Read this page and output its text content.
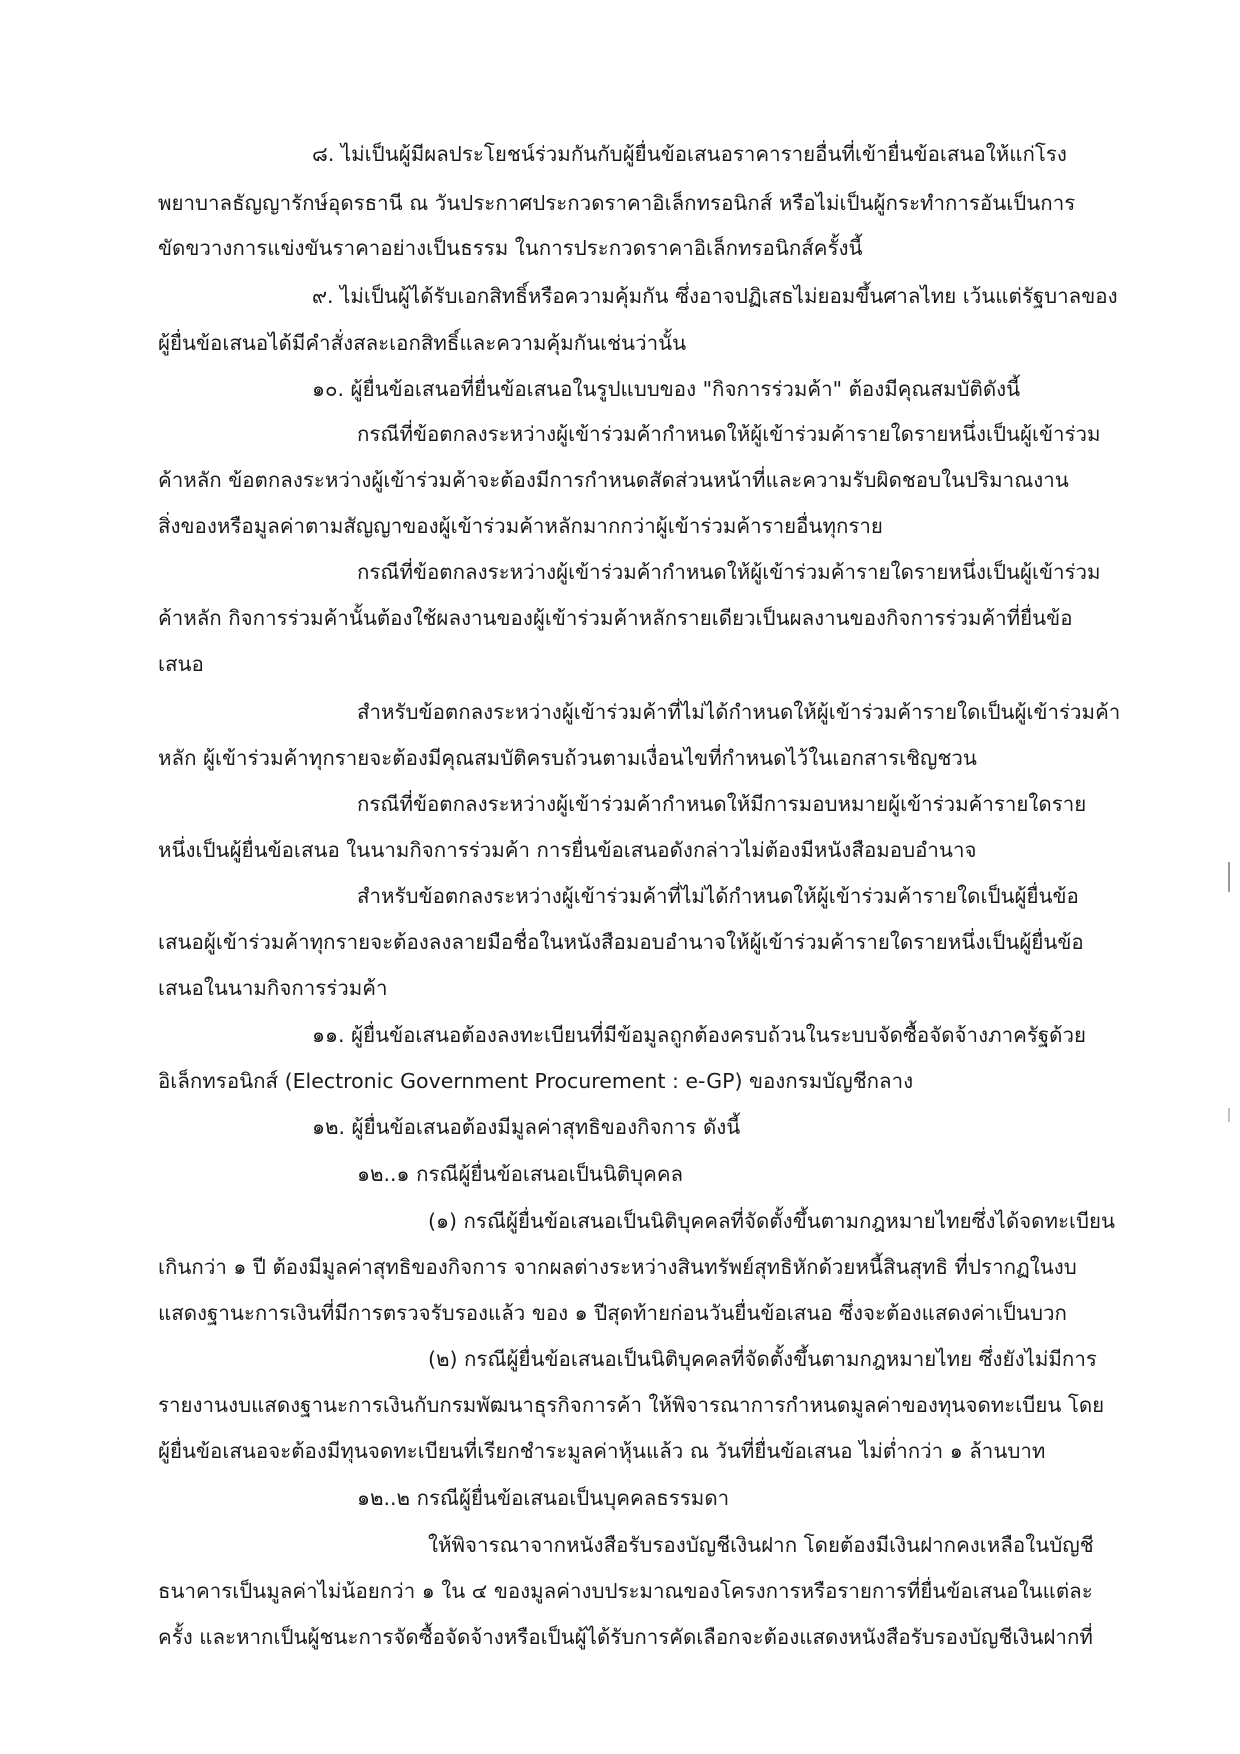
๘. ไม่เป็นผู้มีผลประโยชน์ร่วมกันกับผู้ยื่นข้อเสนอราคารายอื่นที่เข้ายื่นข้อเสนอให้แก่โรง
พยาบาลธัญญารักษ์อุดรธานี ณ วันประกาศประกวดราคาอิเล็กทรอนิกส์ หรือไม่เป็นผู้กระทำการอันเป็นการ
ขัดขวางการแข่งขันราคาอย่างเป็นธรรม ในการประกวดราคาอิเล็กทรอนิกส์ครั้งนี้
๙. ไม่เป็นผู้ได้รับเอกสิทธิ์หรือความคุ้มกัน ซึ่งอาจปฏิเสธไม่ยอมขึ้นศาลไทย เว้นแต่รัฐบาลของ
ผู้ยื่นข้อเสนอได้มีคำสั่งสละเอกสิทธิ์และความคุ้มกันเช่นว่านั้น
๑๐. ผู้ยื่นข้อเสนอที่ยื่นข้อเสนอในรูปแบบของ "กิจการร่วมค้า" ต้องมีคุณสมบัติดังนี้
กรณีที่ข้อตกลงระหว่างผู้เข้าร่วมค้ากำหนดให้ผู้เข้าร่วมค้ารายใดรายหนึ่งเป็นผู้เข้าร่วม
ค้าหลัก ข้อตกลงระหว่างผู้เข้าร่วมค้าจะต้องมีการกำหนดสัดส่วนหน้าที่และความรับผิดชอบในปริมาณงาน
สิ่งของหรือมูลค่าตามสัญญาของผู้เข้าร่วมค้าหลักมากกว่าผู้เข้าร่วมค้ารายอื่นทุกราย
กรณีที่ข้อตกลงระหว่างผู้เข้าร่วมค้ากำหนดให้ผู้เข้าร่วมค้ารายใดรายหนึ่งเป็นผู้เข้าร่วม
ค้าหลัก กิจการร่วมค้านั้นต้องใช้ผลงานของผู้เข้าร่วมค้าหลักรายเดียวเป็นผลงานของกิจการร่วมค้าที่ยื่นข้อ
เสนอ
สำหรับข้อตกลงระหว่างผู้เข้าร่วมค้าที่ไม่ได้กำหนดให้ผู้เข้าร่วมค้ารายใดเป็นผู้เข้าร่วมค้า
หลัก ผู้เข้าร่วมค้าทุกรายจะต้องมีคุณสมบัติครบถ้วนตามเงื่อนไขที่กำหนดไว้ในเอกสารเชิญชวน
กรณีที่ข้อตกลงระหว่างผู้เข้าร่วมค้ากำหนดให้มีการมอบหมายผู้เข้าร่วมค้ารายใดราย
หนึ่งเป็นผู้ยื่นข้อเสนอ ในนามกิจการร่วมค้า การยื่นข้อเสนอดังกล่าวไม่ต้องมีหนังสือมอบอำนาจ
สำหรับข้อตกลงระหว่างผู้เข้าร่วมค้าที่ไม่ได้กำหนดให้ผู้เข้าร่วมค้ารายใดเป็นผู้ยื่นข้อ
เสนอผู้เข้าร่วมค้าทุกรายจะต้องลงลายมือชื่อในหนังสือมอบอำนาจให้ผู้เข้าร่วมค้ารายใดรายหนึ่งเป็นผู้ยื่นข้อ
เสนอในนามกิจการร่วมค้า
๑๑. ผู้ยื่นข้อเสนอต้องลงทะเบียนที่มีข้อมูลถูกต้องครบถ้วนในระบบจัดซื้อจัดจ้างภาครัฐด้วย
อิเล็กทรอนิกส์ (Electronic Government Procurement : e-GP) ของกรมบัญชีกลาง
๑๒. ผู้ยื่นข้อเสนอต้องมีมูลค่าสุทธิของกิจการ ดังนี้
๑๒..๑ กรณีผู้ยื่นข้อเสนอเป็นนิติบุคคล
(๑) กรณีผู้ยื่นข้อเสนอเป็นนิติบุคคลที่จัดตั้งขึ้นตามกฎหมายไทยซึ่งได้จดทะเบียน
เกินกว่า ๑ ปี ต้องมีมูลค่าสุทธิของกิจการ จากผลต่างระหว่างสินทรัพย์สุทธิหักด้วยหนี้สินสุทธิ ที่ปรากฏในงบ
แสดงฐานะการเงินที่มีการตรวจรับรองแล้ว ของ ๑ ปีสุดท้ายก่อนวันยื่นข้อเสนอ ซึ่งจะต้องแสดงค่าเป็นบวก
(๒) กรณีผู้ยื่นข้อเสนอเป็นนิติบุคคลที่จัดตั้งขึ้นตามกฎหมายไทย ซึ่งยังไม่มีการ
รายงานงบแสดงฐานะการเงินกับกรมพัฒนาธุรกิจการค้า ให้พิจารณาการกำหนดมูลค่าของทุนจดทะเบียน โดย
ผู้ยื่นข้อเสนอจะต้องมีทุนจดทะเบียนที่เรียกชำระมูลค่าหุ้นแล้ว ณ วันที่ยื่นข้อเสนอ ไม่ต่ำกว่า ๑ ล้านบาท
๑๒..๒ กรณีผู้ยื่นข้อเสนอเป็นบุคคลธรรมดา
ให้พิจารณาจากหนังสือรับรองบัญชีเงินฝาก โดยต้องมีเงินฝากคงเหลือในบัญชี
ธนาคารเป็นมูลค่าไม่น้อยกว่า ๑ ใน ๔ ของมูลค่างบประมาณของโครงการหรือรายการที่ยื่นข้อเสนอในแต่ละ
ครั้ง และหากเป็นผู้ชนะการจัดซื้อจัดจ้างหรือเป็นผู้ได้รับการคัดเลือกจะต้องแสดงหนังสือรับรองบัญชีเงินฝากที่
